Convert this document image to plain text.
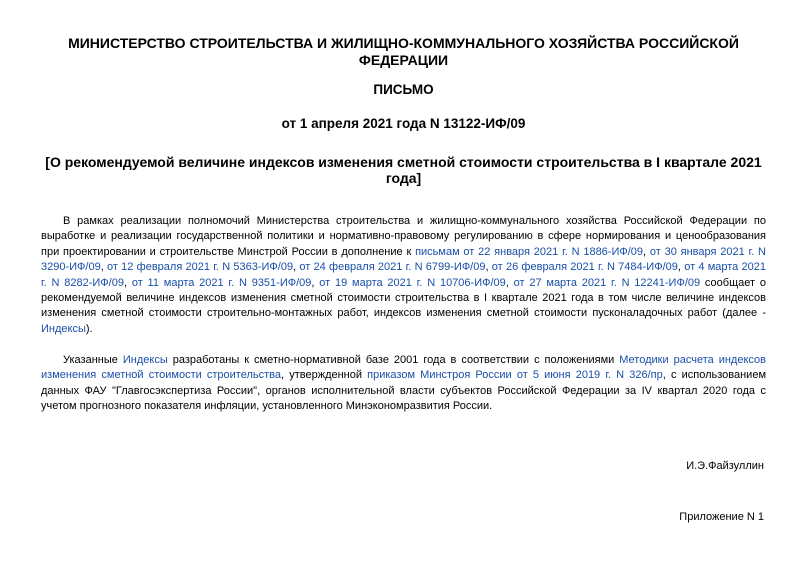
МИНИСТЕРСТВО СТРОИТЕЛЬСТВА И ЖИЛИЩНО-КОММУНАЛЬНОГО ХОЗЯЙСТВА РОССИЙСКОЙ ФЕДЕРАЦИИ
ПИСЬМО
от 1 апреля 2021 года N 13122-ИФ/09
[О рекомендуемой величине индексов изменения сметной стоимости строительства в I квартале 2021 года]

В рамках реализации полномочий Министерства строительства и жилищно-коммунального хозяйства Российской Федерации по выработке и реализации государственной политики и нормативно-правовому регулированию в сфере нормирования и ценообразования при проектировании и строительстве Минстрой России в дополнение к письмам от 22 января 2021 г. N 1886-ИФ/09, от 30 января 2021 г. N 3290-ИФ/09, от 12 февраля 2021 г. N 5363-ИФ/09, от 24 февраля 2021 г. N 6799-ИФ/09, от 26 февраля 2021 г. N 7484-ИФ/09, от 4 марта 2021 г. N 8282-ИФ/09, от 11 марта 2021 г. N 9351-ИФ/09, от 19 марта 2021 г. N 10706-ИФ/09, от 27 марта 2021 г. N 12241-ИФ/09 сообщает о рекомендуемой величине индексов изменения сметной стоимости строительства в I квартале 2021 года в том числе величине индексов изменения сметной стоимости строительно-монтажных работ, индексов изменения сметной стоимости пусконаладочных работ (далее - Индексы).

Указанные Индексы разработаны к сметно-нормативной базе 2001 года в соответствии с положениями Методики расчета индексов изменения сметной стоимости строительства, утвержденной приказом Минстроя России от 5 июня 2019 г. N 326/пр, с использованием данных ФАУ "Главгосэкспертиза России", органов исполнительной власти субъектов Российской Федерации за IV квартал 2020 года с учетом прогнозного показателя инфляции, установленного Минэкономразвития России.

И.Э.Файзуллин
Приложение N 1
